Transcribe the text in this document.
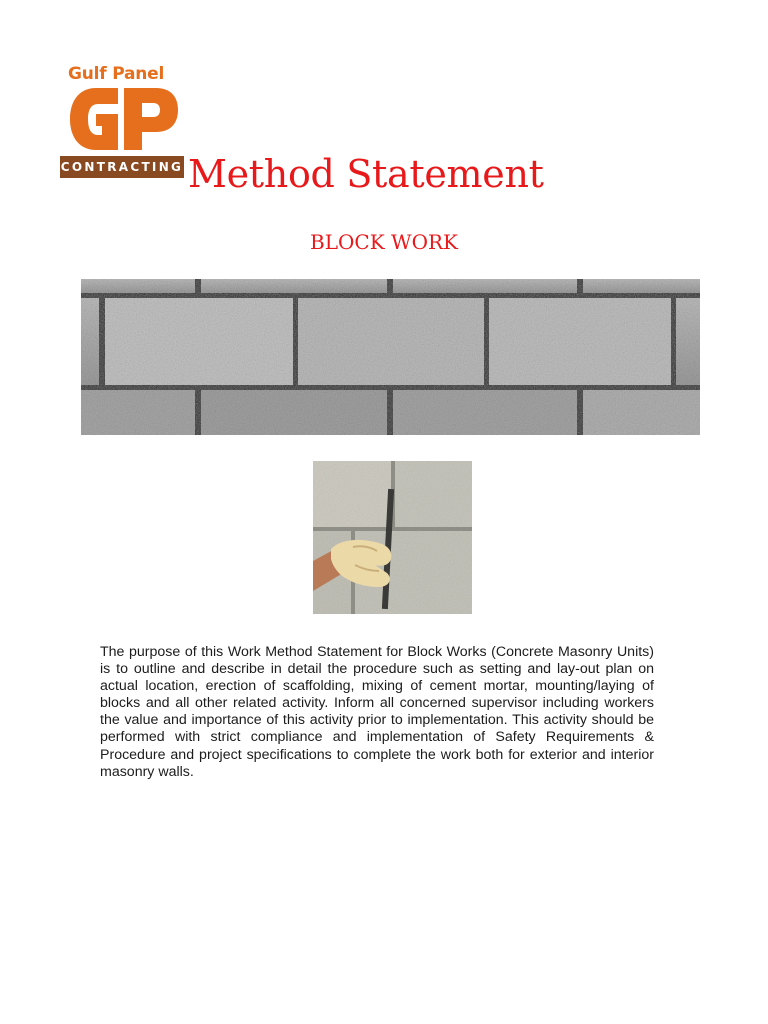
Gulf Panel
CONTRACTING Method Statement
BLOCK WORK

The purpose of this Work Method Statement for Block Works (Concrete Masonry Units) is to outline and describe in detail the procedure such as setting and lay-out plan on actual location, erection of scaffolding, mixing of cement mortar, mounting/laying of blocks and all other related activity. Inform all concerned supervisor including workers the value and importance of this activity prior to implementation. This activity should be performed with strict compliance and implementation of Safety Requirements & Procedure and project specifications to complete the work both for exterior and interior masonry walls.
